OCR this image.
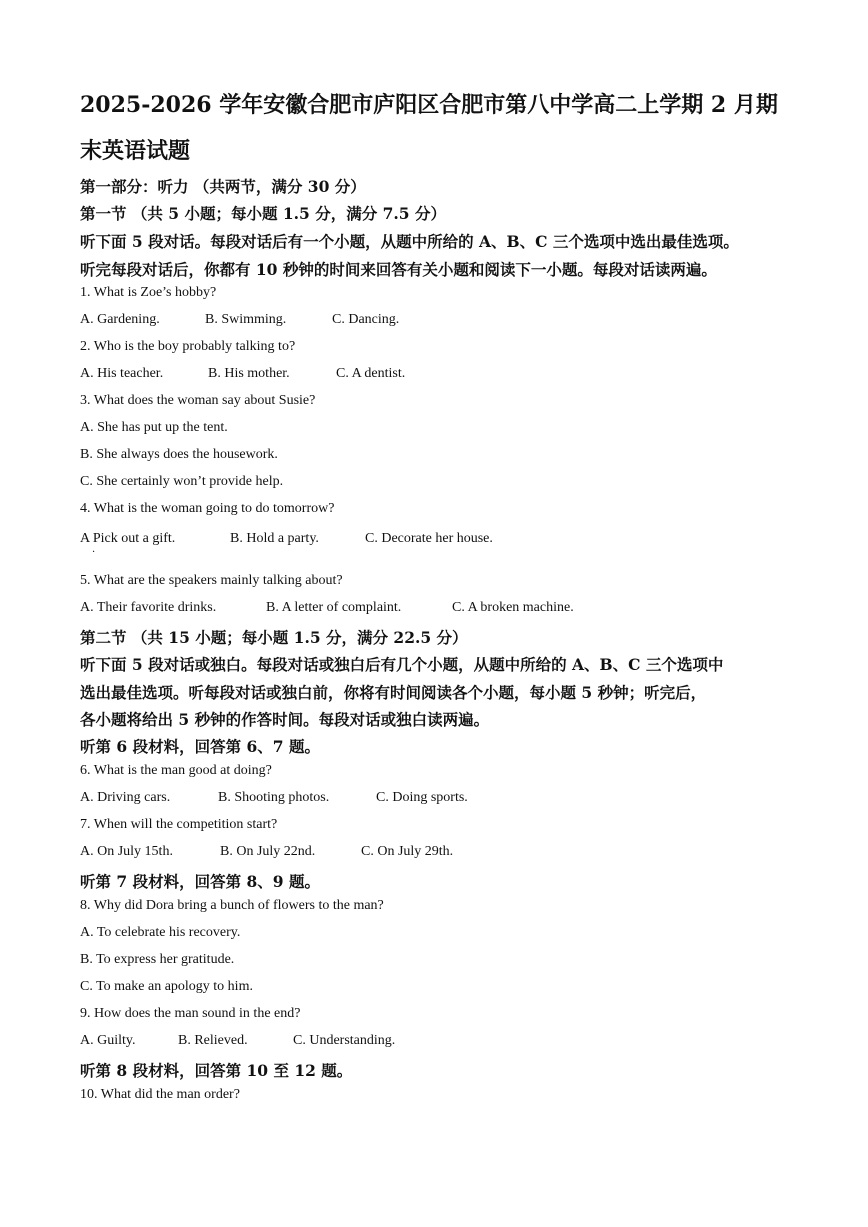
2025-2026 学年安徽合肥市庐阳区合肥市第八中学高二上学期 2 月期
末英语试题
第一部分：听力 （共两节，满分 30 分）
第一节 （共 5 小题；每小题 1.5 分，满分 7.5 分）
听下面 5 段对话。每段对话后有一个小题，从题中所给的 A、B、C 三个选项中选出最佳选项。
听完每段对话后，你都有 10 秒钟的时间来回答有关小题和阅读下一小题。每段对话读两遍。
1. What is Zoe’s hobby?
A. Gardening.	B. Swimming.	C. Dancing.
2. Who is the boy probably talking to?
A. His teacher.	B. His mother.	C. A dentist.
3. What does the woman say about Susie?
A. She has put up the tent.
B. She always does the housework.
C. She certainly won’t provide help.
4. What is the woman going to do tomorrow?
A Pick out a gift.	B. Hold a party.	C. Decorate her house.
·
5. What are the speakers mainly talking about?
A. Their favorite drinks.	B. A letter of complaint.	C. A broken machine.
第二节 （共 15 小题；每小题 1.5 分，满分 22.5 分）
听下面 5 段对话或独白。每段对话或独白后有几个小题，从题中所给的 A、B、C 三个选项中
选出最佳选项。听每段对话或独白前，你将有时间阅读各个小题，每小题 5 秒钟；听完后，
各小题将给出 5 秒钟的作答时间。每段对话或独白读两遍。
听第 6 段材料，回答第 6、7 题。
6. What is the man good at doing?
A. Driving cars.	B. Shooting photos.	C. Doing sports.
7. When will the competition start?
A. On July 15th.	B. On July 22nd.	C. On July 29th.
听第 7 段材料，回答第 8、9 题。
8. Why did Dora bring a bunch of flowers to the man?
A. To celebrate his recovery.
B. To express her gratitude.
C. To make an apology to him.
9. How does the man sound in the end?
A. Guilty.	B. Relieved.	C. Understanding.
听第 8 段材料，回答第 10 至 12 题。
10. What did the man order?
